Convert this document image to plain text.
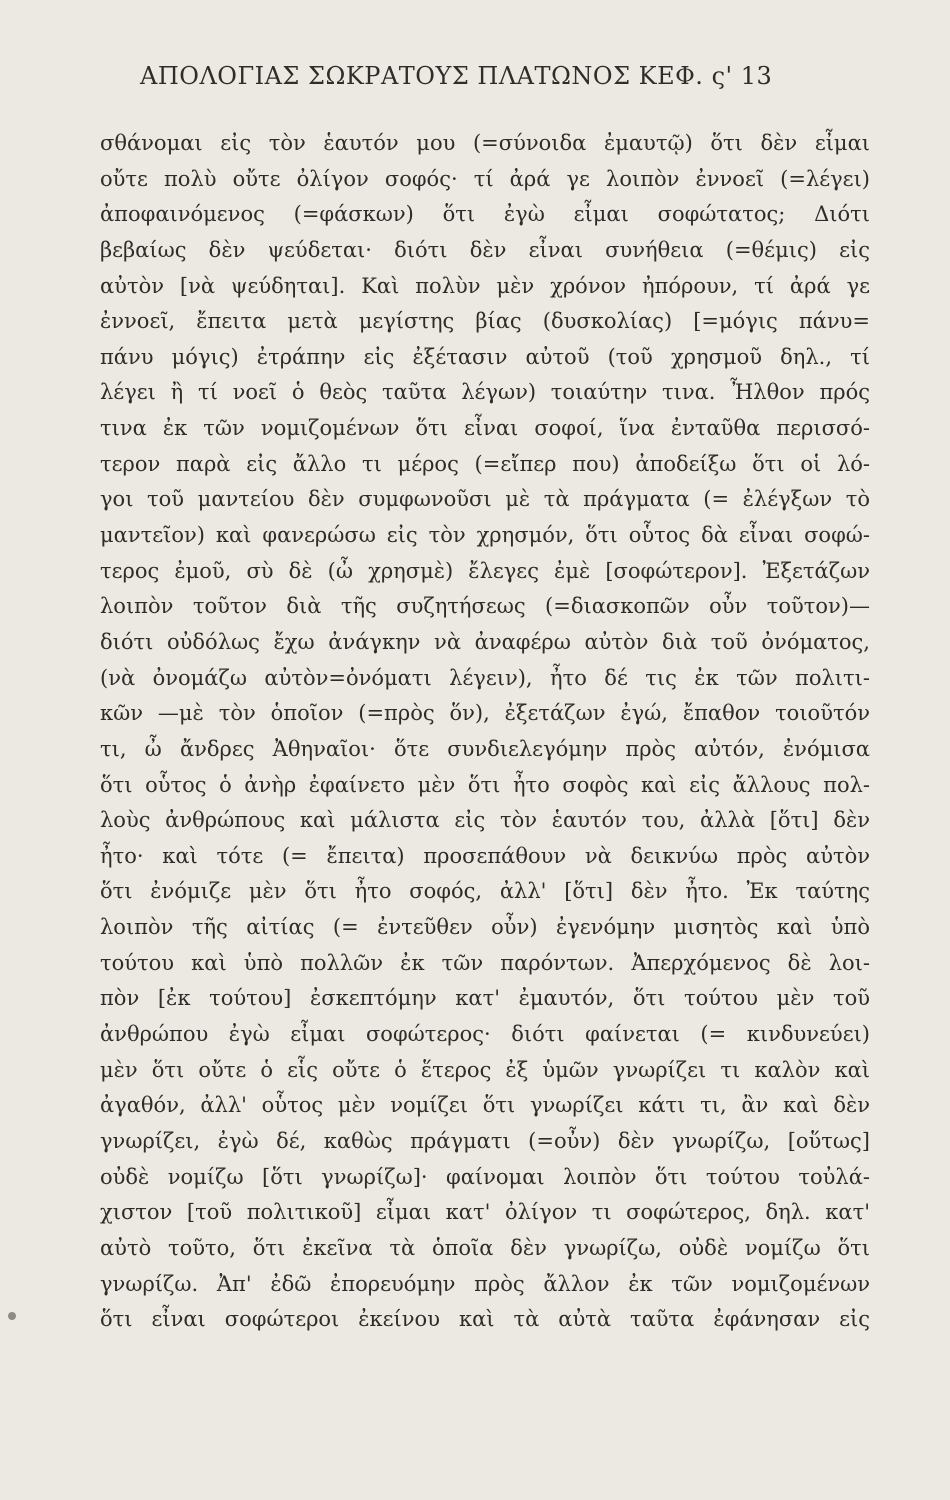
ΑΠΟΛΟΓΙΑΣ ΣΩΚΡΑΤΟΥΣ ΠΛΑΤΩΝΟΣ ΚΕΦ. ς' 13
σθάνομαι εἰς τὸν ἑαυτόν μου (=σύνοιδα ἐμαυτῷ) ὅτι δὲν εἶμαι
οὔτε πολὺ οὔτε ὀλίγον σοφός· τί ἀρά γε λοιπὸν ἐννοεῖ (=λέγει)
ἀποφαινόμενος (=φάσκων) ὅτι ἐγὼ εἶμαι σοφώτατος; Διότι
βεβαίως δὲν ψεύδεται· διότι δὲν εἶναι συνήθεια (=θέμις) εἰς
αὐτὸν [νὰ ψεύδηται]. Καὶ πολὺν μὲν χρόνον ἠπόρουν, τί ἀρά γε
ἐννοεῖ, ἔπειτα μετὰ μεγίστης βίας (δυσκολίας) [=μόγις πάνυ=
πάνυ μόγις) ἐτράπην εἰς ἐξέτασιν αὐτοῦ (τοῦ χρησμοῦ δηλ., τί
λέγει ἢ τί νοεῖ ὁ θεὸς ταῦτα λέγων) τοιαύτην τινα. Ἦλθον πρός
τινα ἐκ τῶν νομιζομένων ὅτι εἶναι σοφοί, ἵνα ἐνταῦθα περισσό-
τερον παρὰ εἰς ἄλλο τι μέρος (=εἴπερ που) ἀποδείξω ὅτι οἱ λό-
γοι τοῦ μαντείου δὲν συμφωνοῦσι μὲ τὰ πράγματα (= ἐλέγξων τὸ
μαντεῖον) καὶ φανερώσω εἰς τὸν χρησμόν, ὅτι οὗτος δὰ εἶναι σοφώ-
τερος ἐμοῦ, σὺ δὲ (ὦ χρησμὲ) ἔλεγες ἐμὲ [σοφώτερον]. Ἐξετάζων
λοιπὸν τοῦτον διὰ τῆς συζητήσεως (=διασκοπῶν οὖν τοῦτον)—
διότι οὐδόλως ἔχω ἀνάγκην νὰ ἀναφέρω αὐτὸν διὰ τοῦ ὀνόματος,
(νὰ ὀνομάζω αὐτὸν=ὀνόματι λέγειν), ἦτο δέ τις ἐκ τῶν πολιτι-
κῶν —μὲ τὸν ὁποῖον (=πρὸς ὅν), ἐξετάζων ἐγώ, ἔπαθον τοιοῦτόν
τι, ὦ ἄνδρες Ἀθηναῖοι· ὅτε συνδιελεγόμην πρὸς αὐτόν, ἐνόμισα
ὅτι οὗτος ὁ ἀνὴρ ἐφαίνετο μὲν ὅτι ἦτο σοφὸς καὶ εἰς ἄλλους πολ-
λοὺς ἀνθρώπους καὶ μάλιστα εἰς τὸν ἑαυτόν του, ἀλλὰ [ὅτι] δὲν
ἦτο· καὶ τότε (= ἔπειτα) προσεπάθουν νὰ δεικνύω πρὸς αὐτὸν
ὅτι ἐνόμιζε μὲν ὅτι ἦτο σοφός, ἀλλ' [ὅτι] δὲν ἦτο. Ἐκ ταύτης
λοιπὸν τῆς αἰτίας (= ἐντεῦθεν οὖν) ἐγενόμην μισητὸς καὶ ὑπὸ
τούτου καὶ ὑπὸ πολλῶν ἐκ τῶν παρόντων. Ἀπερχόμενος δὲ λοι-
πὸν [ἐκ τούτου] ἐσκεπτόμην κατ' ἐμαυτόν, ὅτι τούτου μὲν τοῦ
ἀνθρώπου ἐγὼ εἶμαι σοφώτερος· διότι φαίνεται (= κινδυνεύει)
μὲν ὅτι οὔτε ὁ εἷς οὔτε ὁ ἕτερος ἐξ ὑμῶν γνωρίζει τι καλὸν καὶ
ἀγαθόν, ἀλλ' οὗτος μὲν νομίζει ὅτι γνωρίζει κάτι τι, ἂν καὶ δὲν
γνωρίζει, ἐγὼ δέ, καθὼς πράγματι (=οὖν) δὲν γνωρίζω, [οὕτως]
οὐδὲ νομίζω [ὅτι γνωρίζω]· φαίνομαι λοιπὸν ὅτι τούτου τοὐλά-
χιστον [τοῦ πολιτικοῦ] εἶμαι κατ' ὀλίγον τι σοφώτερος, δηλ. κατ'
αὐτὸ τοῦτο, ὅτι ἐκεῖνα τὰ ὁποῖα δὲν γνωρίζω, οὐδὲ νομίζω ὅτι
γνωρίζω. Ἀπ' ἐδῶ ἐπορευόμην πρὸς ἄλλον ἐκ τῶν νομιζομένων
ὅτι εἶναι σοφώτεροι ἐκείνου καὶ τὰ αὐτὰ ταῦτα ἐφάνησαν εἰς
